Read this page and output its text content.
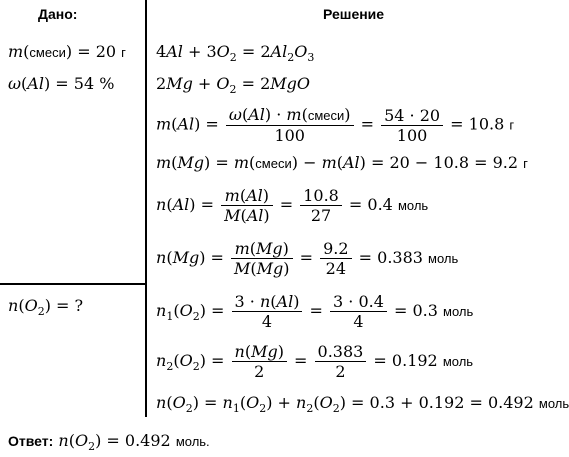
Дано:	Решение
m(смеси) = 20 г
ω(Al) = 54 %
$n(O_2)$ = ?
$4Al + 3O_2 = 2Al_2O_3$
$2Mg + O_2 = 2MgO$
$m(Al) = \frac{\text{ω(Al) · m(смеси)}}{100} = \frac{54 \cdot 20}{100} = 10.8$ г
m(Mg) = m(смеси) − m(Al) = 20 − 10.8 = 9.2 г
$n(Al) = \frac{m(Al)}{M(Al)} = \frac{10.8}{27} = 0.4$ моль
$n(Mg) = \frac{m(Mg)}{M(Mg)} = \frac{9.2}{24} = 0.383$ моль
$n_1(O_2) = \frac{3 \cdot n(Al)}{4} = \frac{3 \cdot 0.4}{4} = 0.3$ моль
$n_2(O_2) = \frac{n(Mg)}{2} = \frac{0.383}{2} = 0.192$ моль
$n(O_2) = n_1(O_2) + n_2(O_2) = 0.3 + 0.192 = 0.492$ моль
Ответ: $n(O_2) = 0.492$ моль.
